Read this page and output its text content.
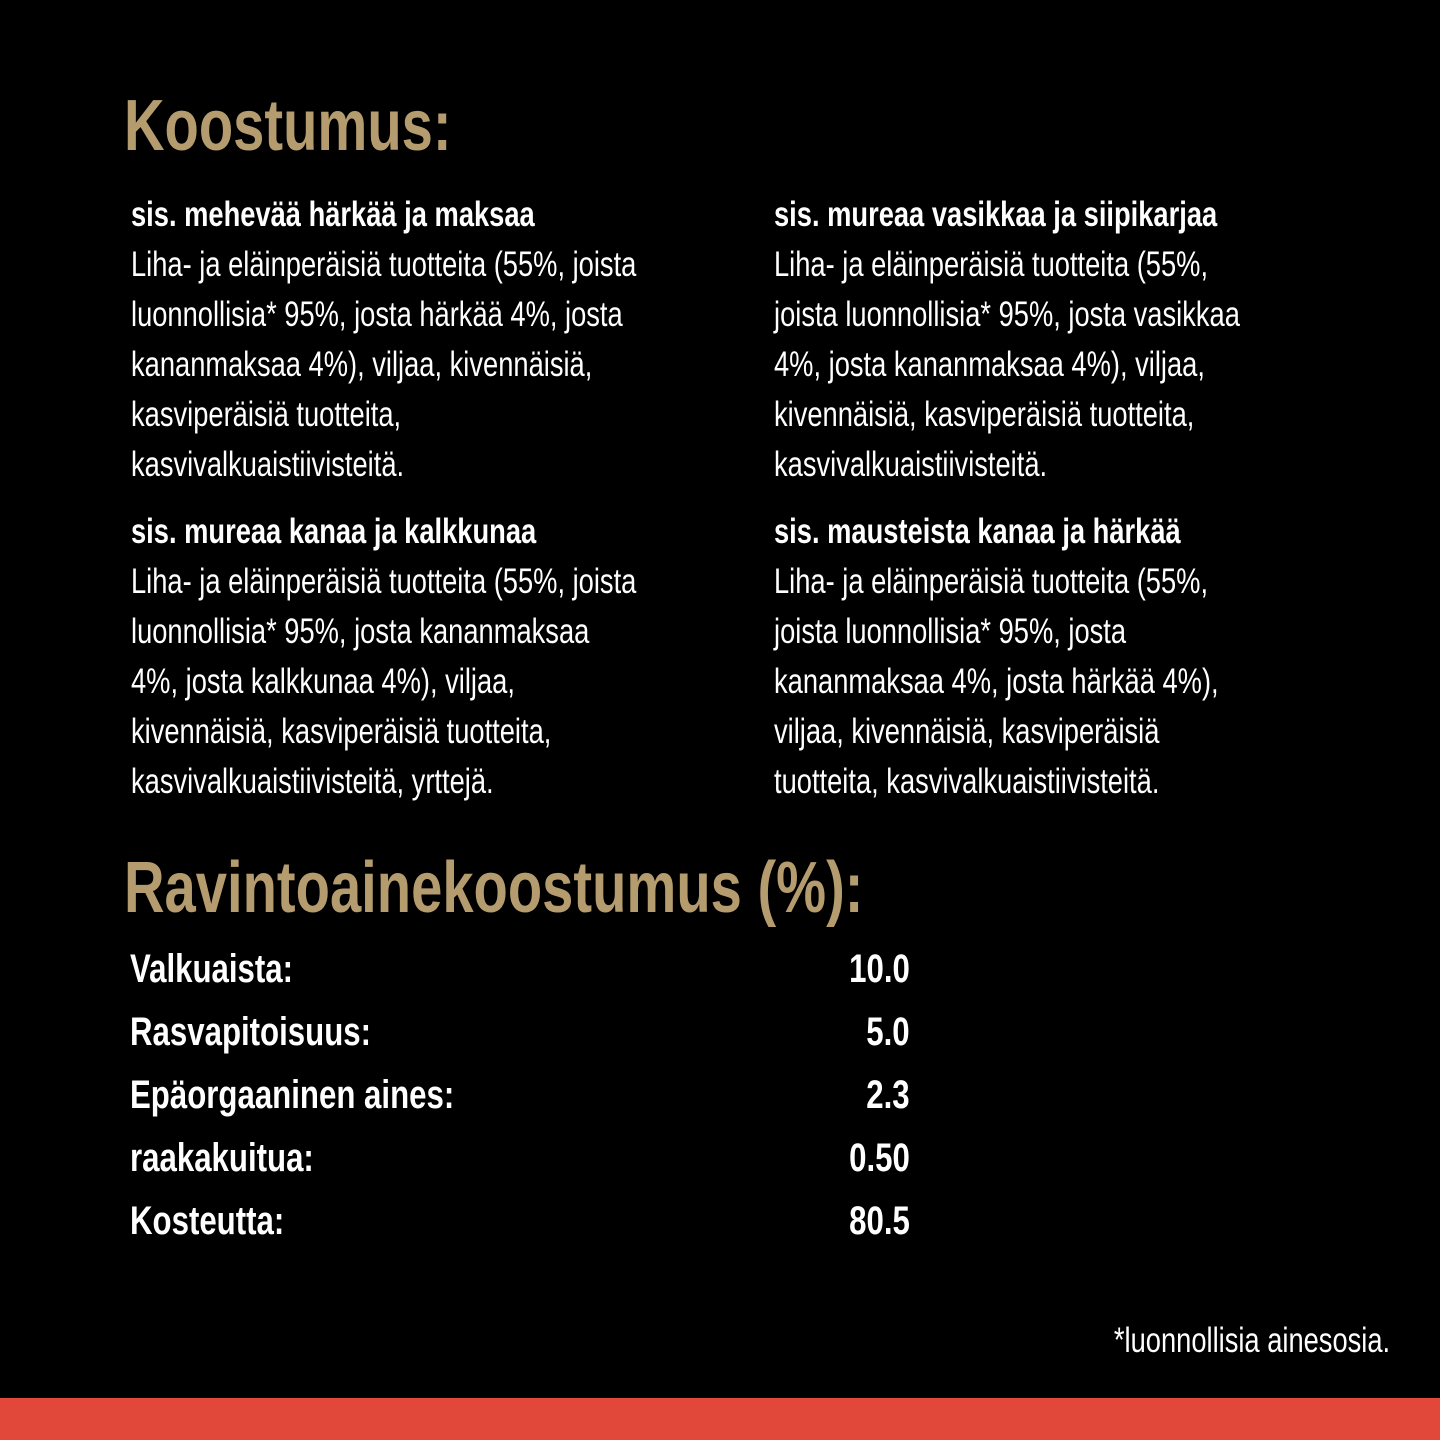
Koostumus:
sis. mehevää härkää ja maksaa
Liha- ja eläinperäisiä tuotteita (55%, joista
luonnollisia* 95%, josta härkää 4%, josta
kananmaksaa 4%), viljaa, kivennäisiä,
kasviperäisiä tuotteita,
kasvivalkuaistiivisteitä.
sis. mureaa vasikkaa ja siipikarjaa
Liha- ja eläinperäisiä tuotteita (55%,
joista luonnollisia* 95%, josta vasikkaa
4%, josta kananmaksaa 4%), viljaa,
kivennäisiä, kasviperäisiä tuotteita,
kasvivalkuaistiivisteitä.
sis. mureaa kanaa ja kalkkunaa
Liha- ja eläinperäisiä tuotteita (55%, joista
luonnollisia* 95%, josta kananmaksaa
4%, josta kalkkunaa 4%), viljaa,
kivennäisiä, kasviperäisiä tuotteita,
kasvivalkuaistiivisteitä, yrttejä.
sis. mausteista kanaa ja härkää
Liha- ja eläinperäisiä tuotteita (55%,
joista luonnollisia* 95%, josta
kananmaksaa 4%, josta härkää 4%),
viljaa, kivennäisiä, kasviperäisiä
tuotteita, kasvivalkuaistiivisteitä.
Ravintoainekoostumus (%):
Valkuaista:	10.0
Rasvapitoisuus:	5.0
Epäorgaaninen aines:	2.3
raakakuitua:	0.50
Kosteutta:	80.5
*luonnollisia ainesosia.
